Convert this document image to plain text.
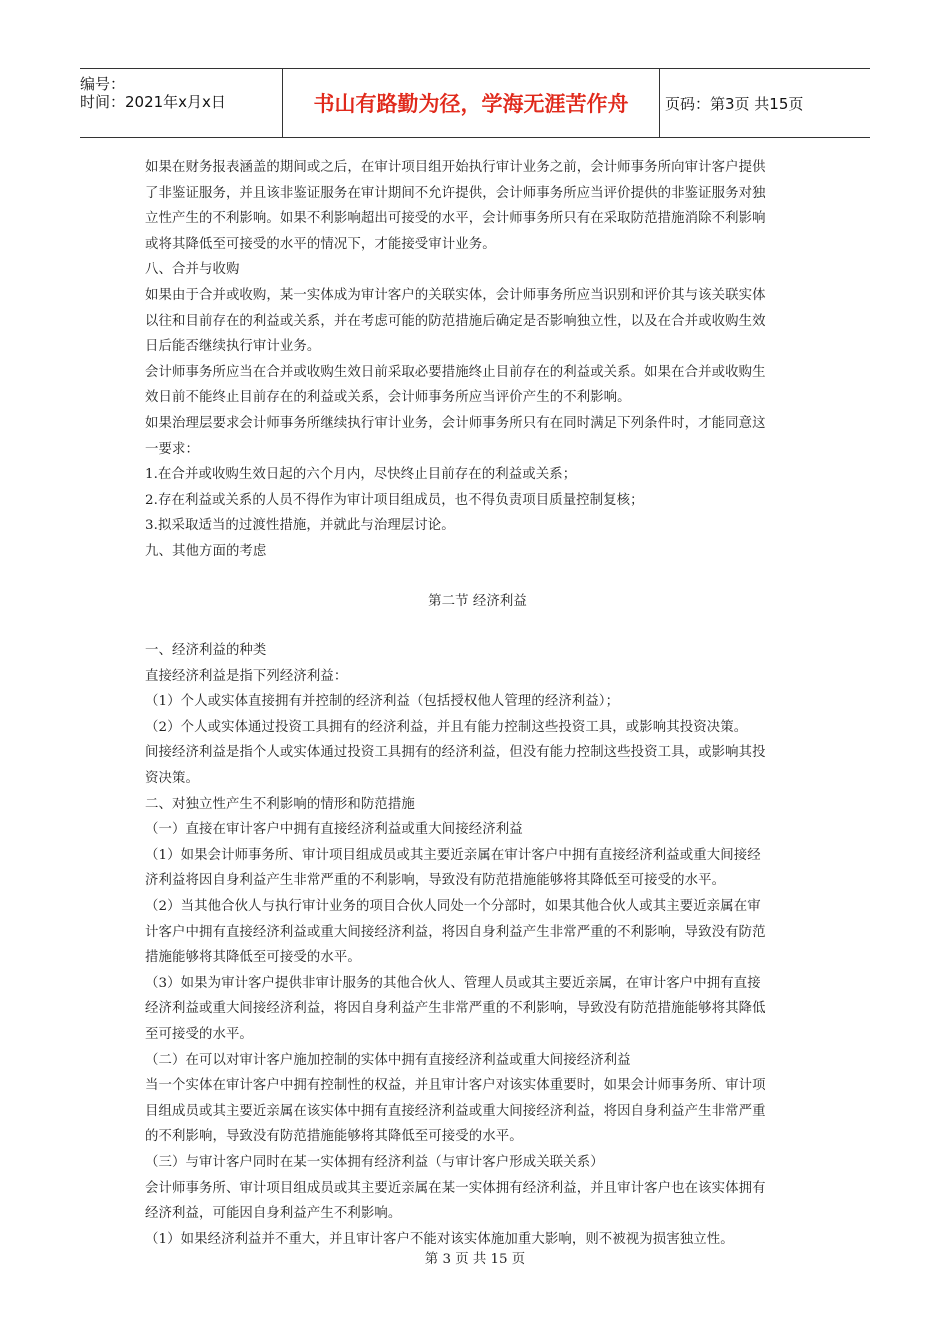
编号：
时间：2021年x月x日	书山有路勤为径，学海无涯苦作舟	页码：第3页 共15页
如果在财务报表涵盖的期间或之后，在审计项目组开始执行审计业务之前，会计师事务所向审计客户提供
了非鉴证服务，并且该非鉴证服务在审计期间不允许提供，会计师事务所应当评价提供的非鉴证服务对独
立性产生的不利影响。如果不利影响超出可接受的水平，会计师事务所只有在采取防范措施消除不利影响
或将其降低至可接受的水平的情况下，才能接受审计业务。
八、合并与收购
如果由于合并或收购，某一实体成为审计客户的关联实体，会计师事务所应当识别和评价其与该关联实体
以往和目前存在的利益或关系，并在考虑可能的防范措施后确定是否影响独立性，以及在合并或收购生效
日后能否继续执行审计业务。
会计师事务所应当在合并或收购生效日前采取必要措施终止目前存在的利益或关系。如果在合并或收购生
效日前不能终止目前存在的利益或关系，会计师事务所应当评价产生的不利影响。
如果治理层要求会计师事务所继续执行审计业务，会计师事务所只有在同时满足下列条件时，才能同意这
一要求：
1.在合并或收购生效日起的六个月内，尽快终止目前存在的利益或关系；
2.存在利益或关系的人员不得作为审计项目组成员，也不得负责项目质量控制复核；
3.拟采取适当的过渡性措施，并就此与治理层讨论。
九、其他方面的考虑
第二节 经济利益
一、经济利益的种类
直接经济利益是指下列经济利益：
（1）个人或实体直接拥有并控制的经济利益（包括授权他人管理的经济利益）；
（2）个人或实体通过投资工具拥有的经济利益，并且有能力控制这些投资工具，或影响其投资决策。
间接经济利益是指个人或实体通过投资工具拥有的经济利益，但没有能力控制这些投资工具，或影响其投
资决策。
二、对独立性产生不利影响的情形和防范措施
（一）直接在审计客户中拥有直接经济利益或重大间接经济利益
（1）如果会计师事务所、审计项目组成员或其主要近亲属在审计客户中拥有直接经济利益或重大间接经
济利益将因自身利益产生非常严重的不利影响，导致没有防范措施能够将其降低至可接受的水平。
（2）当其他合伙人与执行审计业务的项目合伙人同处一个分部时，如果其他合伙人或其主要近亲属在审
计客户中拥有直接经济利益或重大间接经济利益，将因自身利益产生非常严重的不利影响，导致没有防范
措施能够将其降低至可接受的水平。
（3）如果为审计客户提供非审计服务的其他合伙人、管理人员或其主要近亲属，在审计客户中拥有直接
经济利益或重大间接经济利益，将因自身利益产生非常严重的不利影响，导致没有防范措施能够将其降低
至可接受的水平。
（二）在可以对审计客户施加控制的实体中拥有直接经济利益或重大间接经济利益
当一个实体在审计客户中拥有控制性的权益，并且审计客户对该实体重要时，如果会计师事务所、审计项
目组成员或其主要近亲属在该实体中拥有直接经济利益或重大间接经济利益，将因自身利益产生非常严重
的不利影响，导致没有防范措施能够将其降低至可接受的水平。
（三）与审计客户同时在某一实体拥有经济利益（与审计客户形成关联关系）
会计师事务所、审计项目组成员或其主要近亲属在某一实体拥有经济利益，并且审计客户也在该实体拥有
经济利益，可能因自身利益产生不利影响。
（1）如果经济利益并不重大，并且审计客户不能对该实体施加重大影响，则不被视为损害独立性。
第 3 页 共 15 页
